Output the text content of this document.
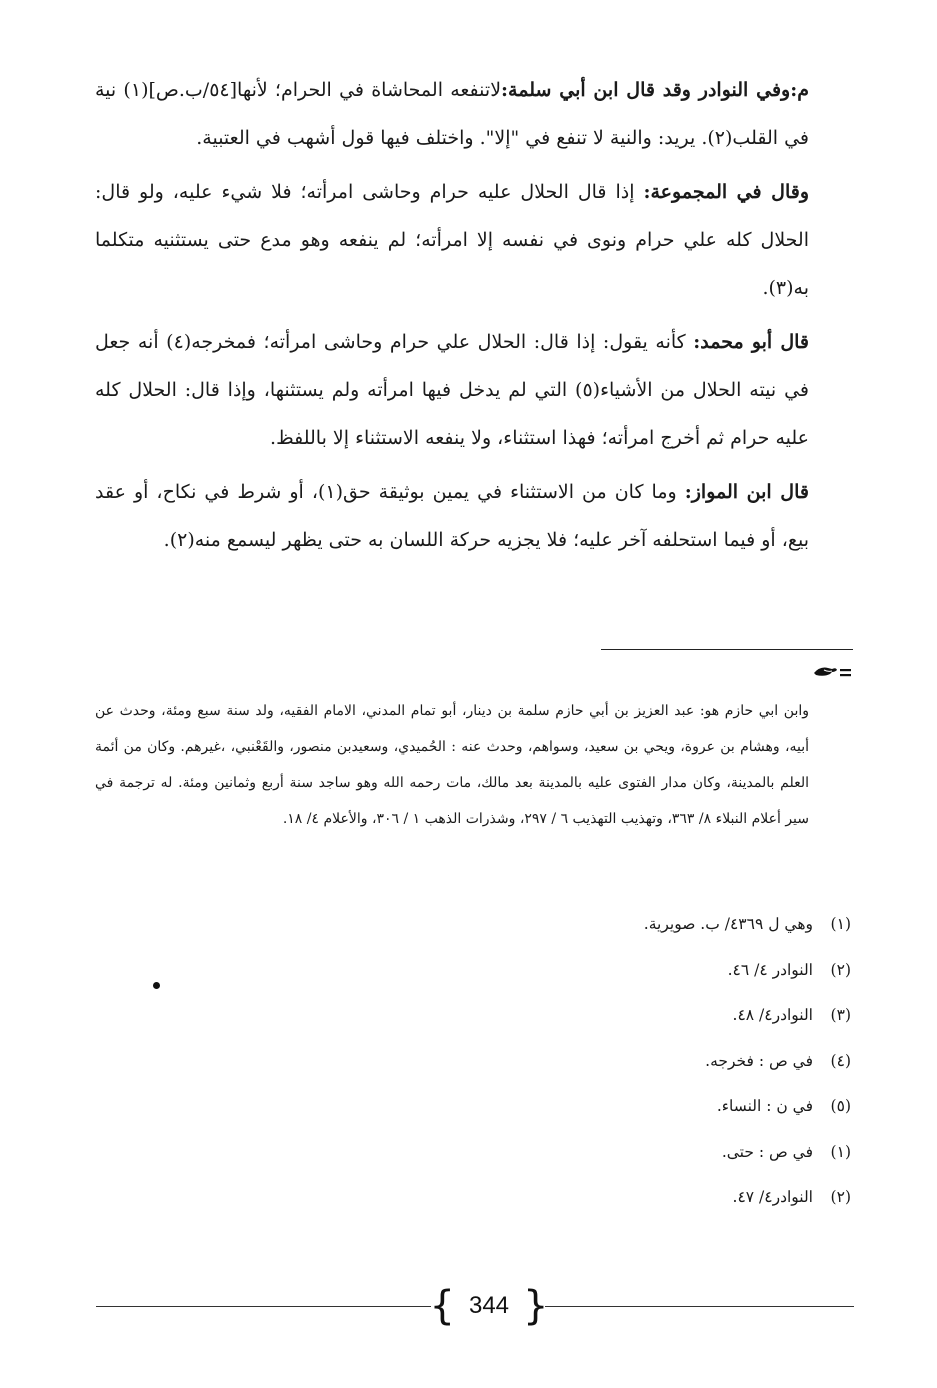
م:وفي النوادر وقد قال ابن أبي سلمة:لاتنفعه المحاشاة في الحرام؛ لأنها[٥٤/ب.ص](١) نية في القلب(٢). يريد: والنية لا تنفع في "إلا". واختلف فيها قول أشهب في العتبية.

وقال في المجموعة: إذا قال الحلال عليه حرام وحاشى امرأته؛ فلا شيء عليه، ولو قال: الحلال كله علي حرام ونوى في نفسه إلا امرأته؛ لم ينفعه وهو مدع حتى يستثنيه متكلما به(٣).

قال أبو محمد: كأنه يقول: إذا قال: الحلال علي حرام وحاشى امرأته؛ فمخرجه(٤) أنه جعل في نيته الحلال من الأشياء(٥) التي لم يدخل فيها امرأته ولم يستثنها، وإذا قال: الحلال كله عليه حرام ثم أخرج امرأته؛ فهذا استثناء، ولا ينفعه الاستثناء إلا باللفظ.

قال ابن المواز: وما كان من الاستثناء في يمين بوثيقة حق(١)، أو شرط في نكاح، أو عقد بيع، أو فيما استحلفه آخر عليه؛ فلا يجزيه حركة اللسان به حتى يظهر ليسمع منه(٢).

وابن ابي حازم هو: عبد العزيز بن أبي حازم سلمة بن دينار، أبو تمام المدني، الامام الفقيه، ولد سنة سبع ومئة، وحدث عن أبيه، وهشام بن عروة، ويحي بن سعيد، وسواهم، وحدث عنه : الحُميدي، وسعيدبن منصور، والقَعْنبي، ،غيرهم. وكان من أئمة العلم بالمدينة، وكان مدار الفتوى عليه بالمدينة بعد مالك، مات رحمه الله وهو ساجد سنة أربع وثمانين ومئة. له ترجمة في سير أعلام النبلاء ٨/ ٣٦٣، وتهذيب التهذيب ٦ / ٢٩٧، وشذرات الذهب ١ / ٣٠٦، والأعلام ٤/ ١٨.
(١)وهي ل ٤٣٦٩/ ب. صويرية.
(٢)النوادر ٤/ ٤٦.
(٣)النوادر٤/ ٤٨.
(٤)في ص : فخرجه.
(٥)في ن : النساء.
(١)في ص : حتى.
(٢)النوادر٤/ ٤٧.
{ 344 }
